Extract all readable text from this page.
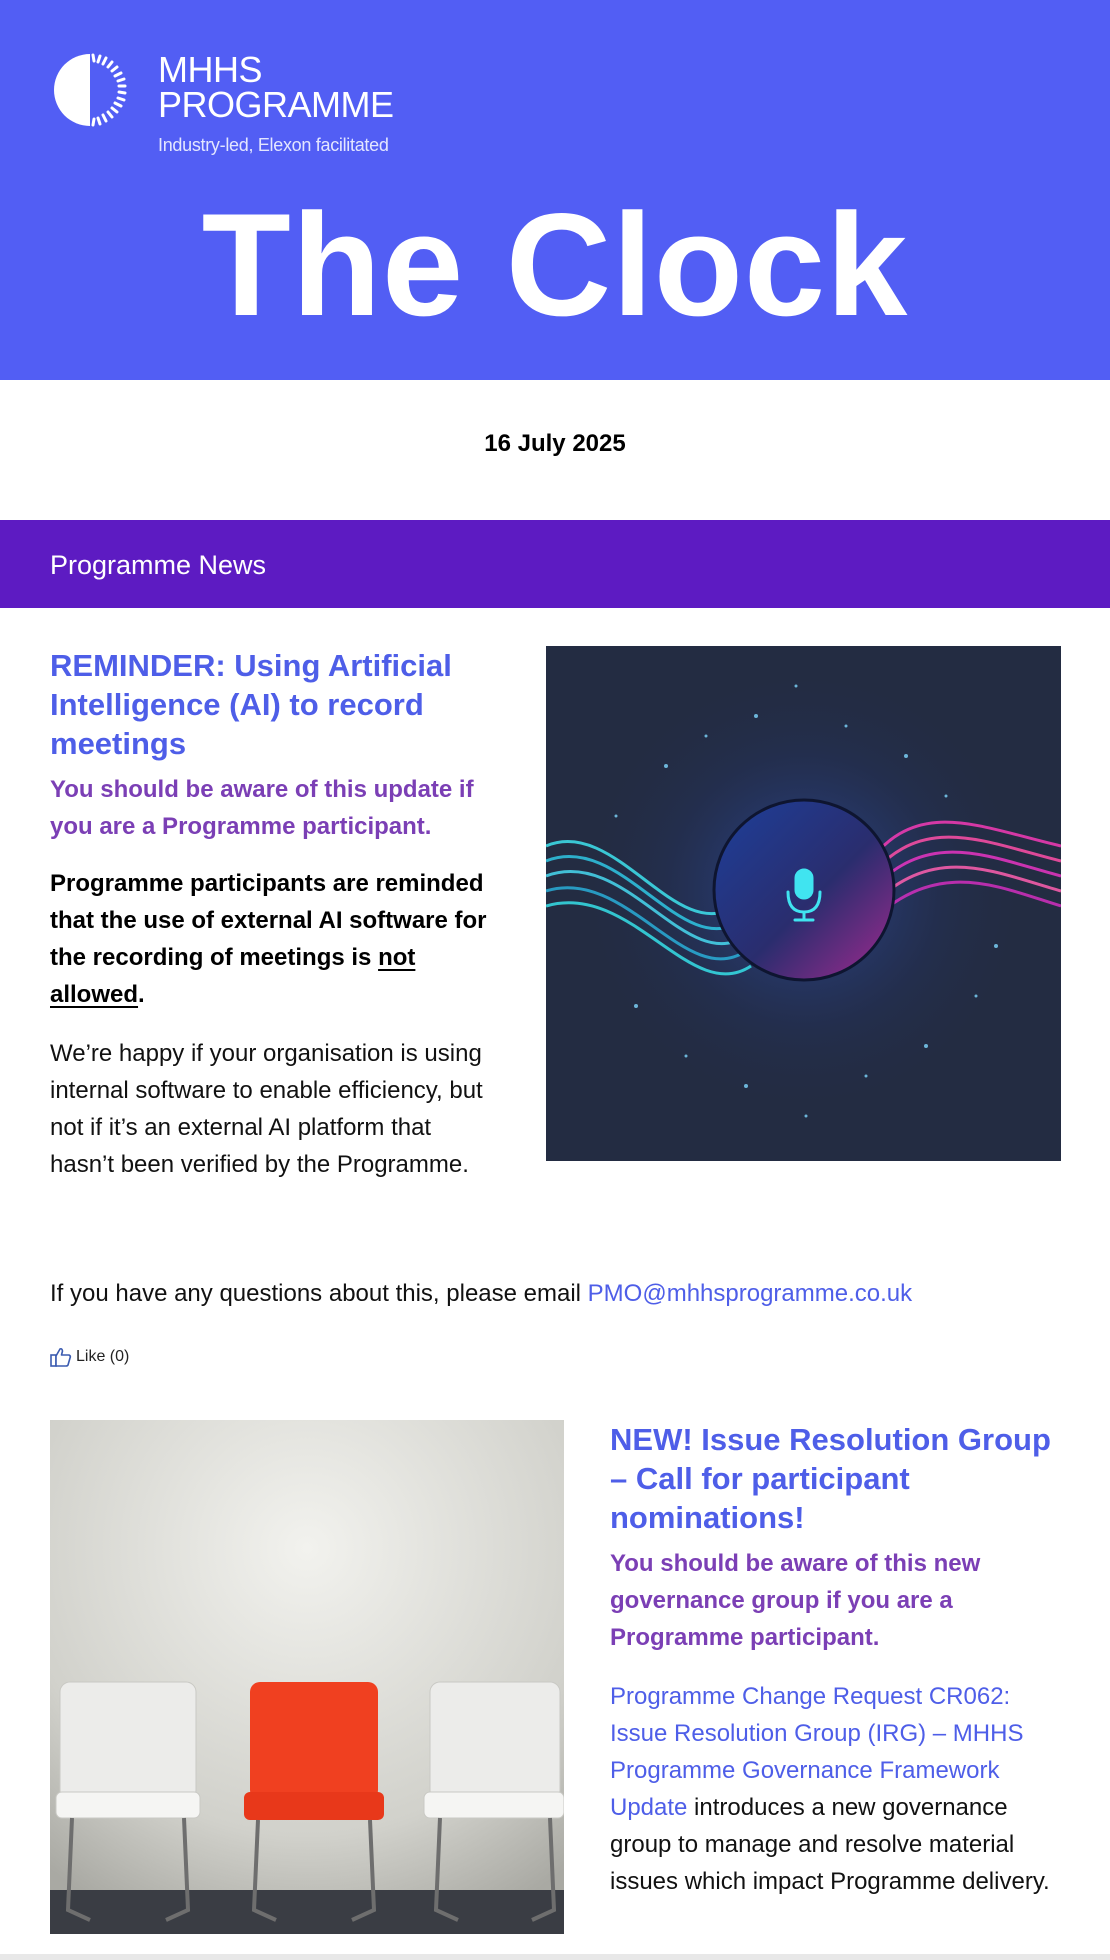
MHHS
PROGRAMME
Industry-led, Elexon facilitated
The Clock
16 July 2025
Programme News
REMINDER: Using Artificial Intelligence (AI) to record meetings

You should be aware of this update if you are a Programme participant.

Programme participants are reminded that the use of external AI software for the recording of meetings is not allowed.

We’re happy if your organisation is using internal software to enable efficiency, but not if it’s an external AI platform that hasn’t been verified by the Programme.

If you have any questions about this, please email PMO@mhhsprogramme.co.uk
Like (0)
NEW! Issue Resolution Group – Call for participant nominations!

You should be aware of this new governance group if you are a Programme participant.

Programme Change Request CR062: Issue Resolution Group (IRG) – MHHS Programme Governance Framework Update introduces a new governance group to manage and resolve material issues which impact Programme delivery.
